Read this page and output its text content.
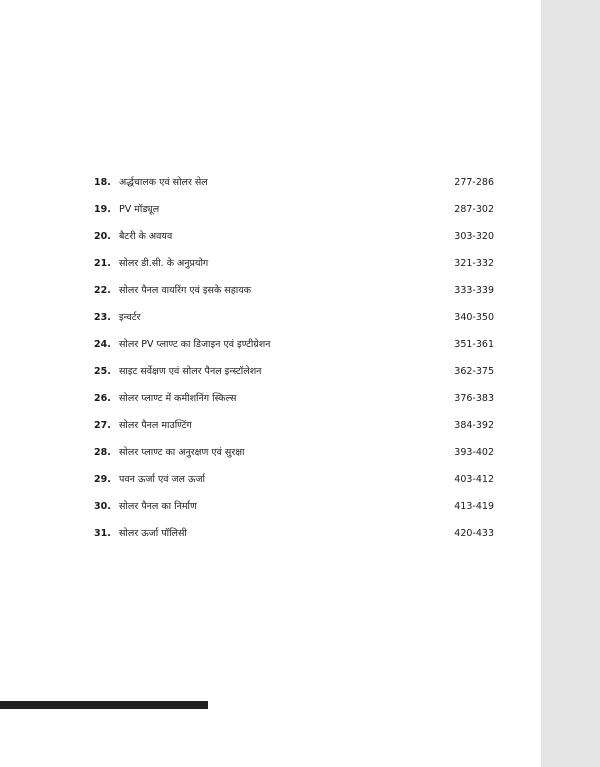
18. अर्द्धचालक एवं सोलर सेल	277-286
19. PV मॉड्यूल	287-302
20. बैटरी के अवयव	303-320
21. सोलर डी.सी. के अनुप्रयोग	321-332
22. सोलर पैनल वायरिंग एवं इसके सहायक	333-339
23. इन्वर्टर	340-350
24. सोलर PV प्लाण्ट का डिजाइन एवं इण्टीग्रेशन	351-361
25. साइट सर्वेक्षण एवं सोलर पैनल इन्स्टॉलेशन	362-375
26. सोलर प्लाण्ट में कमीशनिंग स्किल्स	376-383
27. सोलर पैनल माउण्टिंग	384-392
28. सोलर प्लाण्ट का अनुरक्षण एवं सुरक्षा	393-402
29. पवन ऊर्जा एवं जल ऊर्जा	403-412
30. सोलर पैनल का निर्माण	413-419
31. सोलर ऊर्जा पॉलिसी	420-433
